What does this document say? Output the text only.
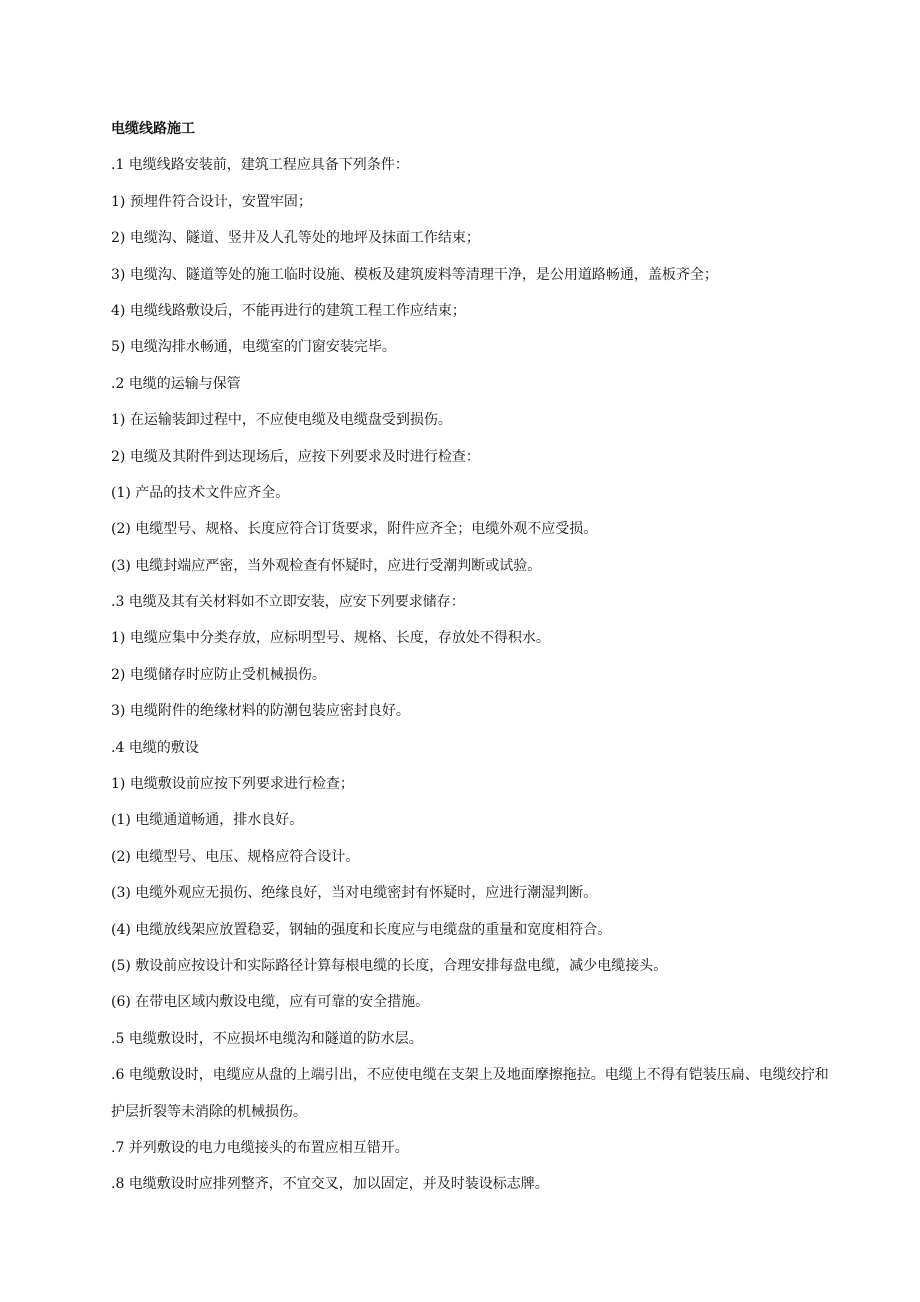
电缆线路施工
.1 电缆线路安装前，建筑工程应具备下列条件：
1) 预埋件符合设计，安置牢固；
2) 电缆沟、隧道、竖井及人孔等处的地坪及抹面工作结束；
3) 电缆沟、隧道等处的施工临时设施、模板及建筑废料等清理干净，是公用道路畅通，盖板齐全；
4) 电缆线路敷设后，不能再进行的建筑工程工作应结束；
5) 电缆沟排水畅通，电缆室的门窗安装完毕。
.2 电缆的运输与保管
1) 在运输装卸过程中，不应使电缆及电缆盘受到损伤。
2) 电缆及其附件到达现场后，应按下列要求及时进行检查：
(1) 产品的技术文件应齐全。
(2) 电缆型号、规格、长度应符合订货要求，附件应齐全；电缆外观不应受损。
(3) 电缆封端应严密，当外观检查有怀疑时，应进行受潮判断或试验。
.3 电缆及其有关材料如不立即安装，应安下列要求储存：
1) 电缆应集中分类存放，应标明型号、规格、长度，存放处不得积水。
2) 电缆储存时应防止受机械损伤。
3) 电缆附件的绝缘材料的防潮包装应密封良好。
.4 电缆的敷设
1) 电缆敷设前应按下列要求进行检查；
(1) 电缆通道畅通，排水良好。
(2) 电缆型号、电压、规格应符合设计。
(3) 电缆外观应无损伤、绝缘良好，当对电缆密封有怀疑时，应进行潮湿判断。
(4) 电缆放线架应放置稳妥，钢轴的强度和长度应与电缆盘的重量和宽度相符合。
(5) 敷设前应按设计和实际路径计算每根电缆的长度，合理安排每盘电缆，减少电缆接头。
(6) 在带电区域内敷设电缆，应有可靠的安全措施。
.5 电缆敷设时，不应损坏电缆沟和隧道的防水层。
.6 电缆敷设时，电缆应从盘的上端引出，不应使电缆在支架上及地面摩擦拖拉。电缆上不得有铠装压扁、电缆绞拧和护层折裂等未消除的机械损伤。
.7 并列敷设的电力电缆接头的布置应相互错开。
.8 电缆敷设时应排列整齐，不宜交叉，加以固定，并及时装设标志牌。
